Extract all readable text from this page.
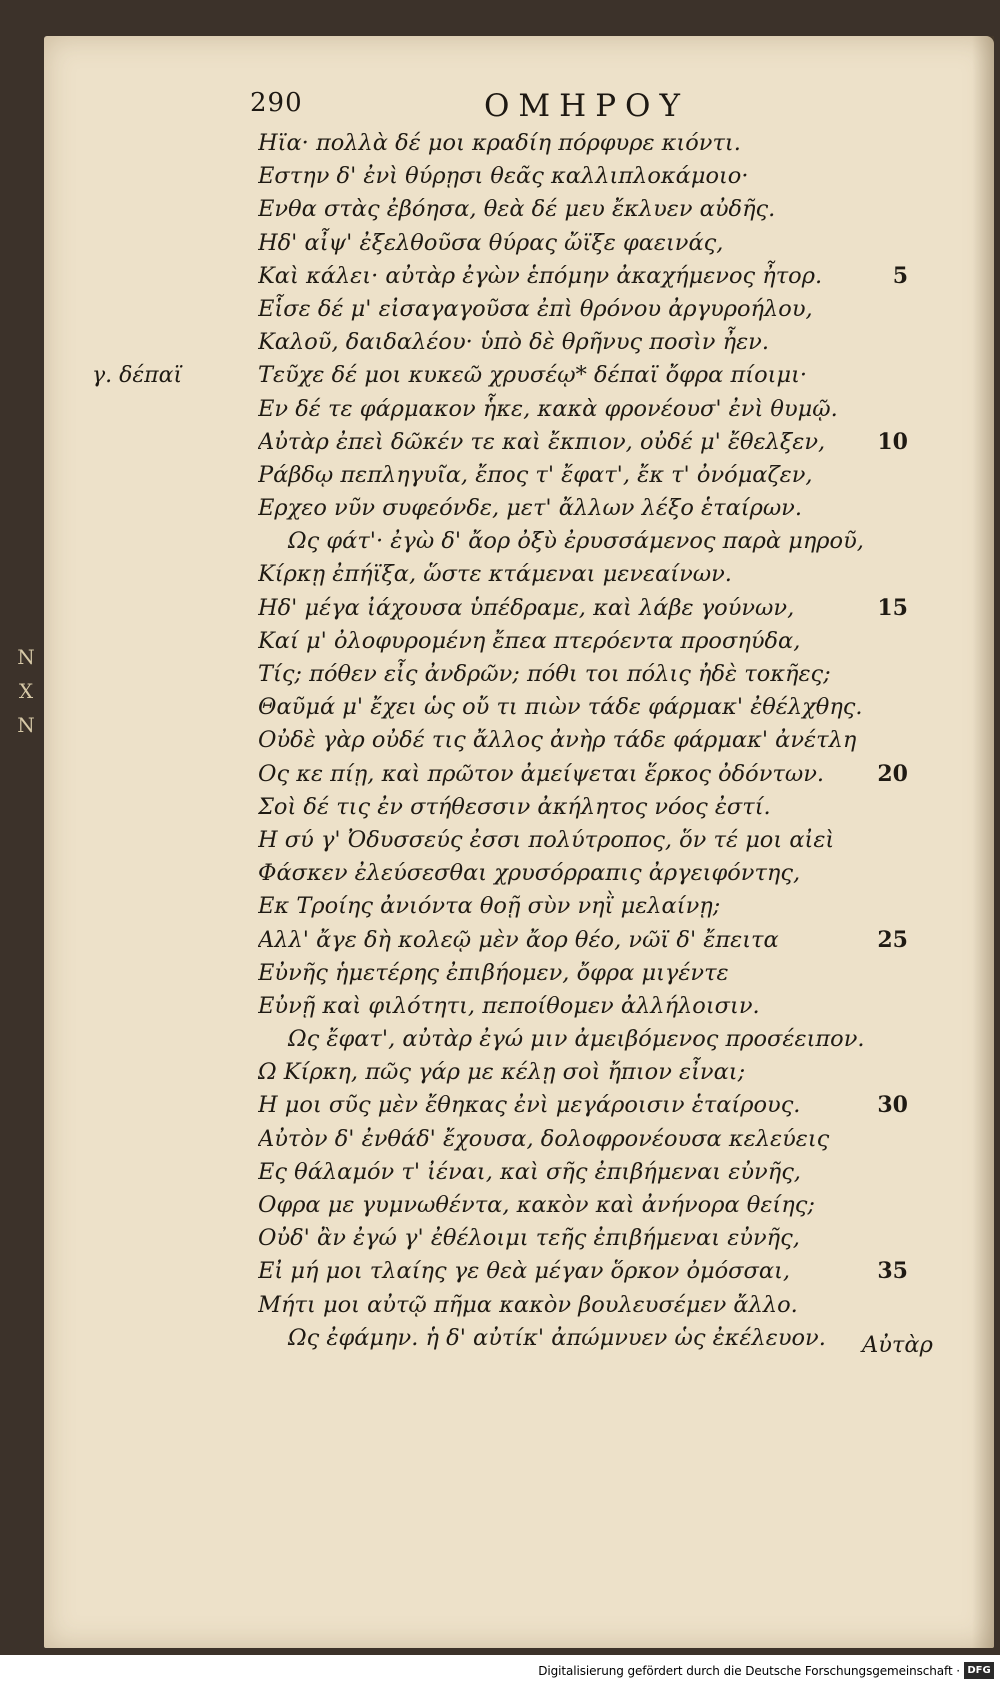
290	ΟΜΗΡΟΥ
γ. δέπαϊ
Ν
Χ
Ν
Ηϊα· πολλὰ δέ μοι κραδίη πόρφυρε κιόντι.
Εστην δ' ἐνὶ θύρῃσι θεᾶς καλλιπλοκάμοιο·
Ενθα στὰς ἐβόησα, θεὰ δέ μευ ἔκλυεν αὐδῆς.
Ηδ' αἶψ' ἐξελθοῦσα θύρας ὤϊξε φαεινάς,
Καὶ κάλει· αὐτὰρ ἐγὼν ἑπόμην ἀκαχήμενος ἦτορ.	5
Εἷσε δέ μ' εἰσαγαγοῦσα ἐπὶ θρόνου ἀργυροήλου,
Καλοῦ, δαιδαλέου· ὑπὸ δὲ θρῆνυς ποσὶν ἦεν.
Τεῦχε δέ μοι κυκεῶ χρυσέῳ* δέπαϊ ὄφρα πίοιμι·
Εν δέ τε φάρμακον ἧκε, κακὰ φρονέουσ' ἐνὶ θυμῷ.
Αὐτὰρ ἐπεὶ δῶκέν τε καὶ ἔκπιον, οὐδέ μ' ἔθελξεν, 10
Ράβδῳ πεπληγυῖα, ἔπος τ' ἔφατ', ἔκ τ' ὀνόμαζεν,
Ερχεο νῦν συφεόνδε, μετ' ἄλλων λέξο ἑταίρων.
Ως φάτ'· ἐγὼ δ' ἄορ ὀξὺ ἐρυσσάμενος παρὰ μηροῦ,
Κίρκῃ ἐπήϊξα, ὥστε κτάμεναι μενεαίνων.
Ηδ' μέγα ἰάχουσα ὑπέδραμε, καὶ λάβε γούνων,	15
Καί μ' ὀλοφυρομένη ἔπεα πτερόεντα προσηύδα,
Τίς; πόθεν εἶς ἀνδρῶν; πόθι τοι πόλις ἠδὲ τοκῆες;
Θαῦμά μ' ἔχει ὡς οὔ τι πιὼν τάδε φάρμακ' ἐθέλχθης.
Οὐδὲ γὰρ οὐδέ τις ἄλλος ἀνὴρ τάδε φάρμακ' ἀνέτλη
Ος κε πίῃ, καὶ πρῶτον ἀμείψεται ἕρκος ὀδόντων. 20
Σοὶ δέ τις ἐν στήθεσσιν ἀκήλητος νόος ἐστί.
Η σύ γ' Ὀδυσσεύς ἐσσι πολύτροπος, ὅν τέ μοι αἰεὶ
Φάσκεν ἐλεύσεσθαι χρυσόρραπις ἀργειφόντης,
Εκ Τροίης ἀνιόντα θοῇ σὺν νηῒ μελαίνῃ;
Αλλ' ἄγε δὴ κολεῷ μὲν ἄορ θέο, νῶϊ δ' ἔπειτα	25
Εὐνῆς ἡμετέρης ἐπιβήομεν, ὄφρα μιγέντε
Εὐνῇ καὶ φιλότητι, πεποίθομεν ἀλλήλοισιν.
Ως ἔφατ', αὐτὰρ ἐγώ μιν ἀμειβόμενος προσέειπον.
Ω Κίρκη, πῶς γάρ με κέλῃ σοὶ ἤπιον εἶναι;
Η μοι σῦς μὲν ἔθηκας ἐνὶ μεγάροισιν ἑταίρους.	30
Αὐτὸν δ' ἐνθάδ' ἔχουσα, δολοφρονέουσα κελεύεις
Ες θάλαμόν τ' ἰέναι, καὶ σῆς ἐπιβήμεναι εὐνῆς,
Οφρα με γυμνωθέντα, κακὸν καὶ ἀνήνορα θείης;
Οὐδ' ἂν ἐγώ γ' ἐθέλοιμι τεῆς ἐπιβήμεναι εὐνῆς,
Εἰ μή μοι τλαίης γε θεὰ μέγαν ὅρκον ὀμόσσαι,	35
Μήτι μοι αὐτῷ πῆμα κακὸν βουλευσέμεν ἄλλο.
Ως ἐφάμην. ἡ δ' αὐτίκ' ἀπώμνυεν ὡς ἐκέλευον.	Αὐτὰρ
Digitalisierung gefördert durch die Deutsche Forschungsgemeinschaft · DFG
